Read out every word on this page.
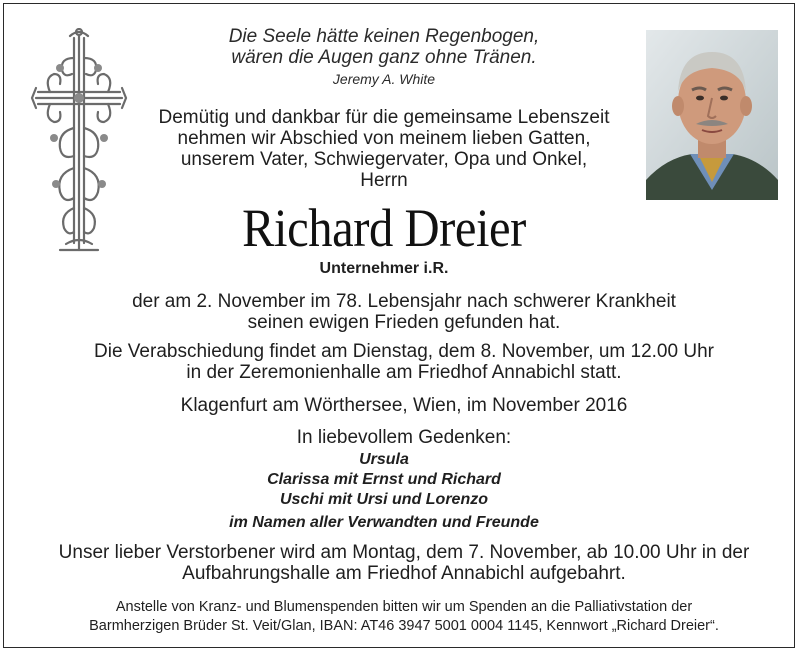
Die Seele hätte keinen Regenbogen,
wären die Augen ganz ohne Tränen.
Jeremy A. White
Demütig und dankbar für die gemeinsame Lebenszeit
nehmen wir Abschied von meinem lieben Gatten,
unserem Vater, Schwiegervater, Opa und Onkel,
Herrn
Richard Dreier
Unternehmer i.R.
der am 2. November im 78. Lebensjahr nach schwerer Krankheit
seinen ewigen Frieden gefunden hat.
Die Verabschiedung findet am Dienstag, dem 8. November, um 12.00 Uhr
in der Zeremonienhalle am Friedhof Annabichl statt.
Klagenfurt am Wörthersee, Wien, im November 2016
In liebevollem Gedenken:
Ursula
Clarissa mit Ernst und Richard
Uschi mit Ursi und Lorenzo
im Namen aller Verwandten und Freunde
Unser lieber Verstorbener wird am Montag, dem 7. November, ab 10.00 Uhr in der
Aufbahrungshalle am Friedhof Annabichl aufgebahrt.
Anstelle von Kranz- und Blumenspenden bitten wir um Spenden an die Palliativstation der
Barmherzigen Brüder St. Veit/Glan, IBAN: AT46 3947 5001 0004 1145, Kennwort „Richard Dreier“.
